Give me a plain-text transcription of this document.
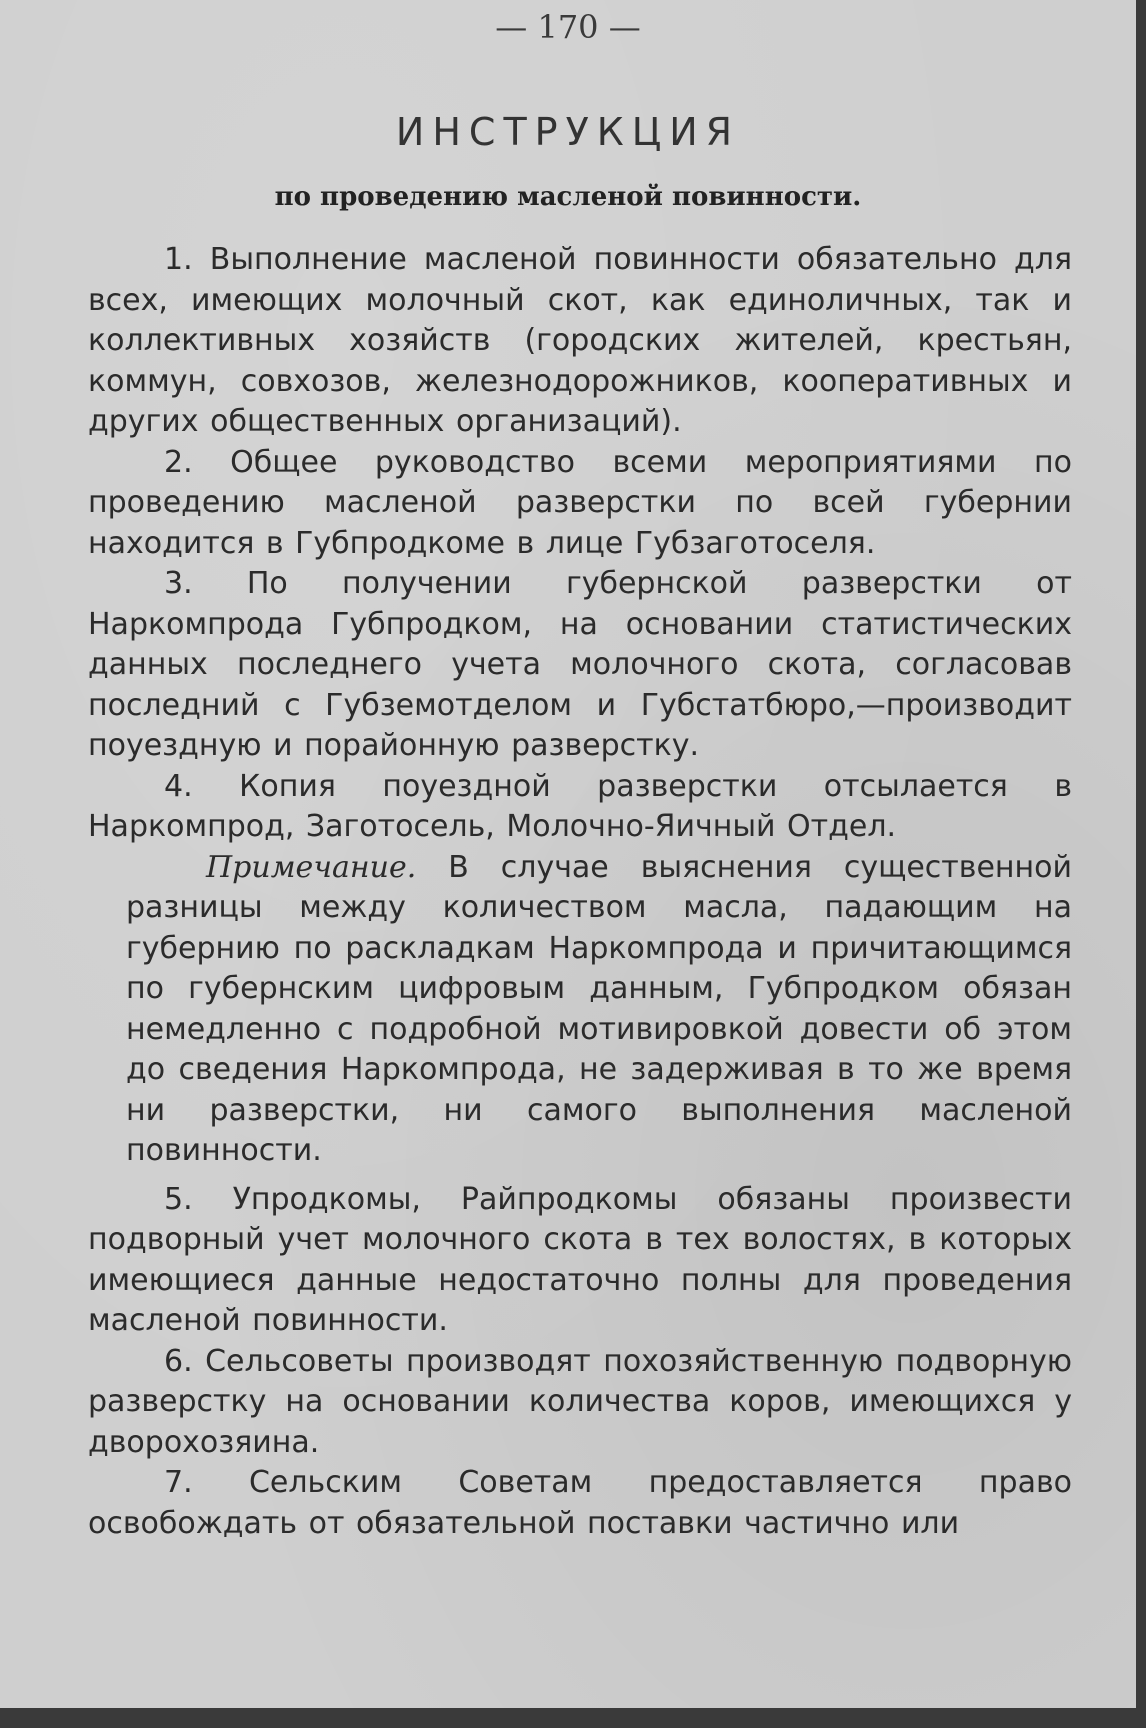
— 170 —
ИНСТРУКЦИЯ
по проведению масленой повинности.

1. Выполнение масленой повинности обязательно для всех, имеющих молочный скот, как единоличных, так и коллективных хозяйств (городских жителей, крестьян, коммун, совхозов, железнодорожников, кооперативных и других общественных организаций).

2. Общее руководство всеми мероприятиями по проведению масленой разверстки по всей губернии находится в Губпродкоме в лице Губзаготоселя.

3. По получении губернской разверстки от Наркомпрода Губпродком, на основании статистических данных последнего учета молочного скота, согласовав последний с Губземотделом и Губстатбюро,—производит поуездную и порайонную разверстку.

4. Копия поуездной разверстки отсылается в Наркомпрод, Заготосель, Молочно-Яичный Отдел.

Примечание. В случае выяснения существенной разницы между количеством масла, падающим на губернию по раскладкам Наркомпрода и причитающимся по губернским цифровым данным, Губпродком обязан немедленно с подробной мотивировкой довести об этом до сведения Наркомпрода, не задерживая в то же время ни разверстки, ни самого выполнения масленой повинности.

5. Упродкомы, Райпродкомы обязаны произвести подворный учет молочного скота в тех волостях, в которых имеющиеся данные недостаточно полны для проведения масленой повинности.

6. Сельсоветы производят похозяйственную подворную разверстку на основании количества коров, имеющихся у дворохозяина.

7. Сельским Советам предоставляется право освобождать от обязательной поставки частично или
